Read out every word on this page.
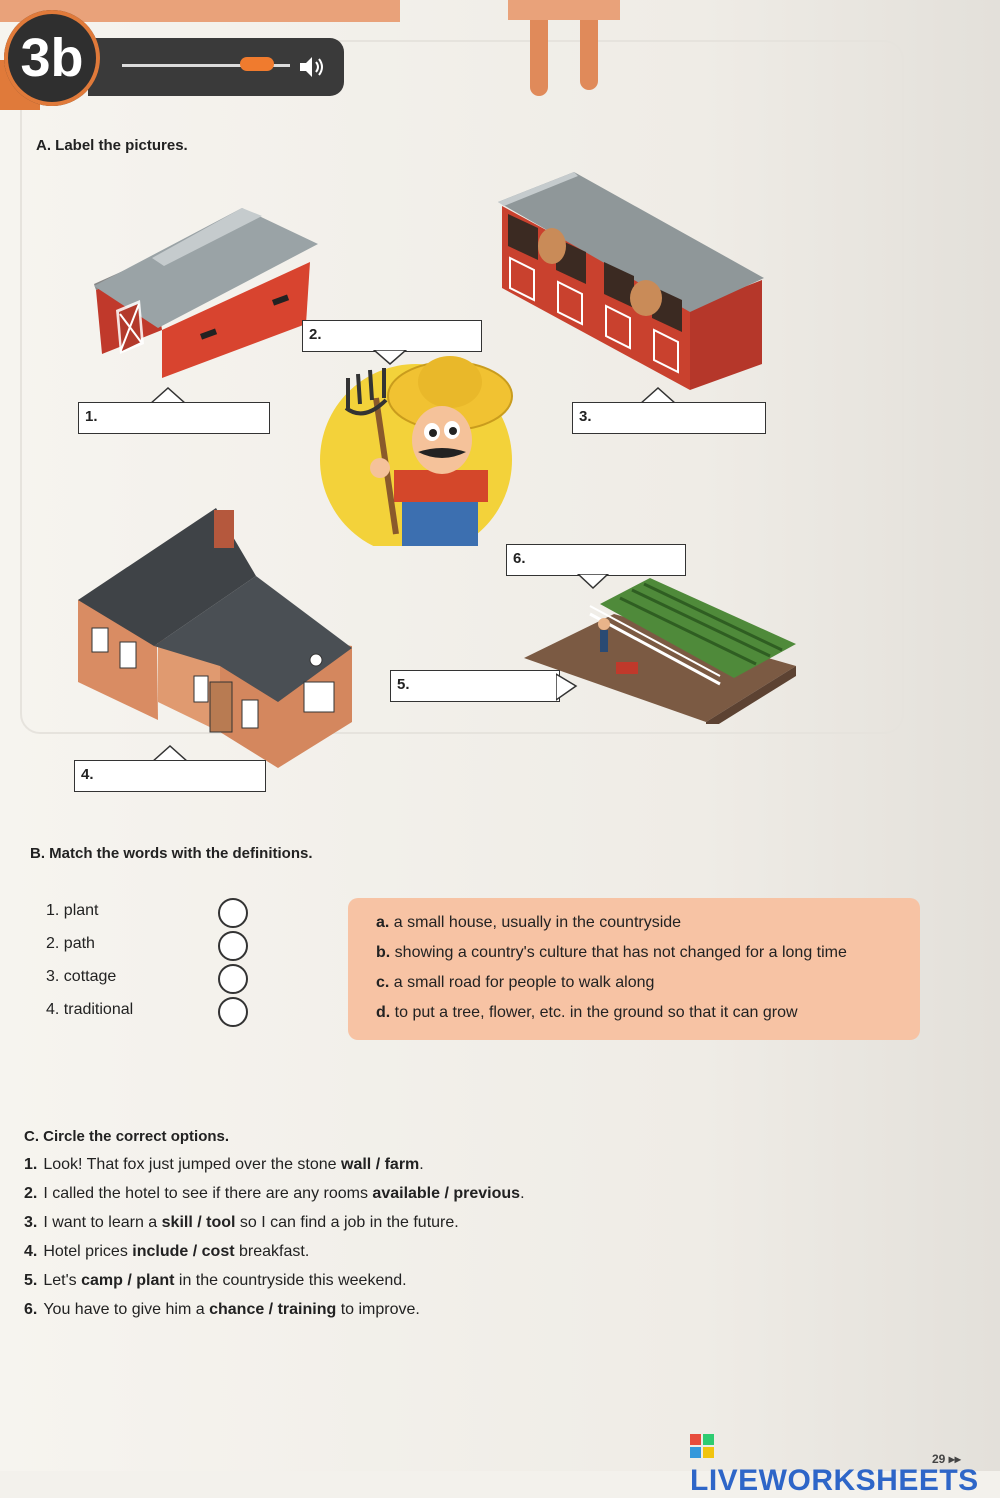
3b
A. Label the pictures.
1.
2.
3.
4.
5.
6.
B. Match the words with the definitions.
1. plant
2. path
3. cottage
4. traditional
a. a small house, usually in the countryside
b. showing a country's culture that has not changed for a long time
c. a small road for people to walk along
d. to put a tree, flower, etc. in the ground so that it can grow
C. Circle the correct options.
1. Look! That fox just jumped over the stone wall / farm.
2. I called the hotel to see if there are any rooms available / previous.
3. I want to learn a skill / tool so I can find a job in the future.
4. Hotel prices include / cost breakfast.
5. Let's camp / plant in the countryside this weekend.
6. You have to give him a chance / training to improve.
LIVEWORKSHEETS
29 ▸▸
